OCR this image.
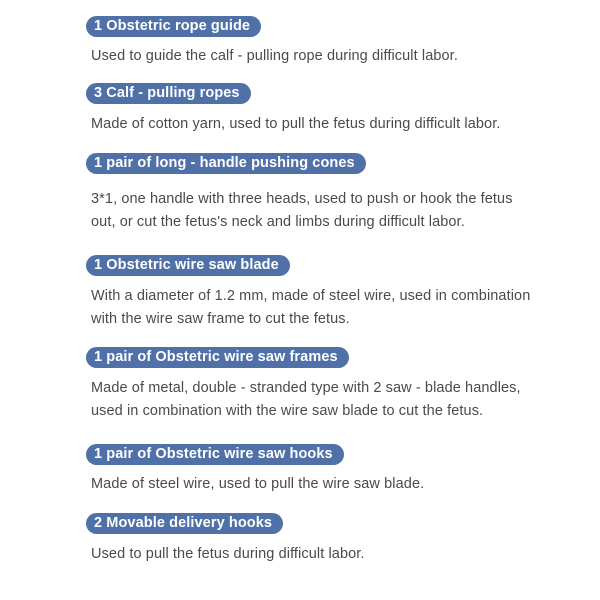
1 Obstetric rope guide
Used to guide the calf - pulling rope during difficult labor.
3 Calf - pulling ropes
Made of cotton yarn, used to pull the fetus during difficult labor.
1 pair of long - handle pushing cones
3*1, one handle with three heads, used to push or hook the fetus out, or cut the fetus's neck and limbs during difficult labor.
1 Obstetric wire saw blade
With a diameter of 1.2 mm, made of steel wire, used in combination with the wire saw frame to cut the fetus.
1 pair of Obstetric wire saw frames
Made of metal, double - stranded type with 2 saw - blade handles, used in combination with the wire saw blade to cut the fetus.
1 pair of Obstetric wire saw hooks
Made of steel wire, used to pull the wire saw blade.
2 Movable delivery hooks
Used to pull the fetus during difficult labor.
